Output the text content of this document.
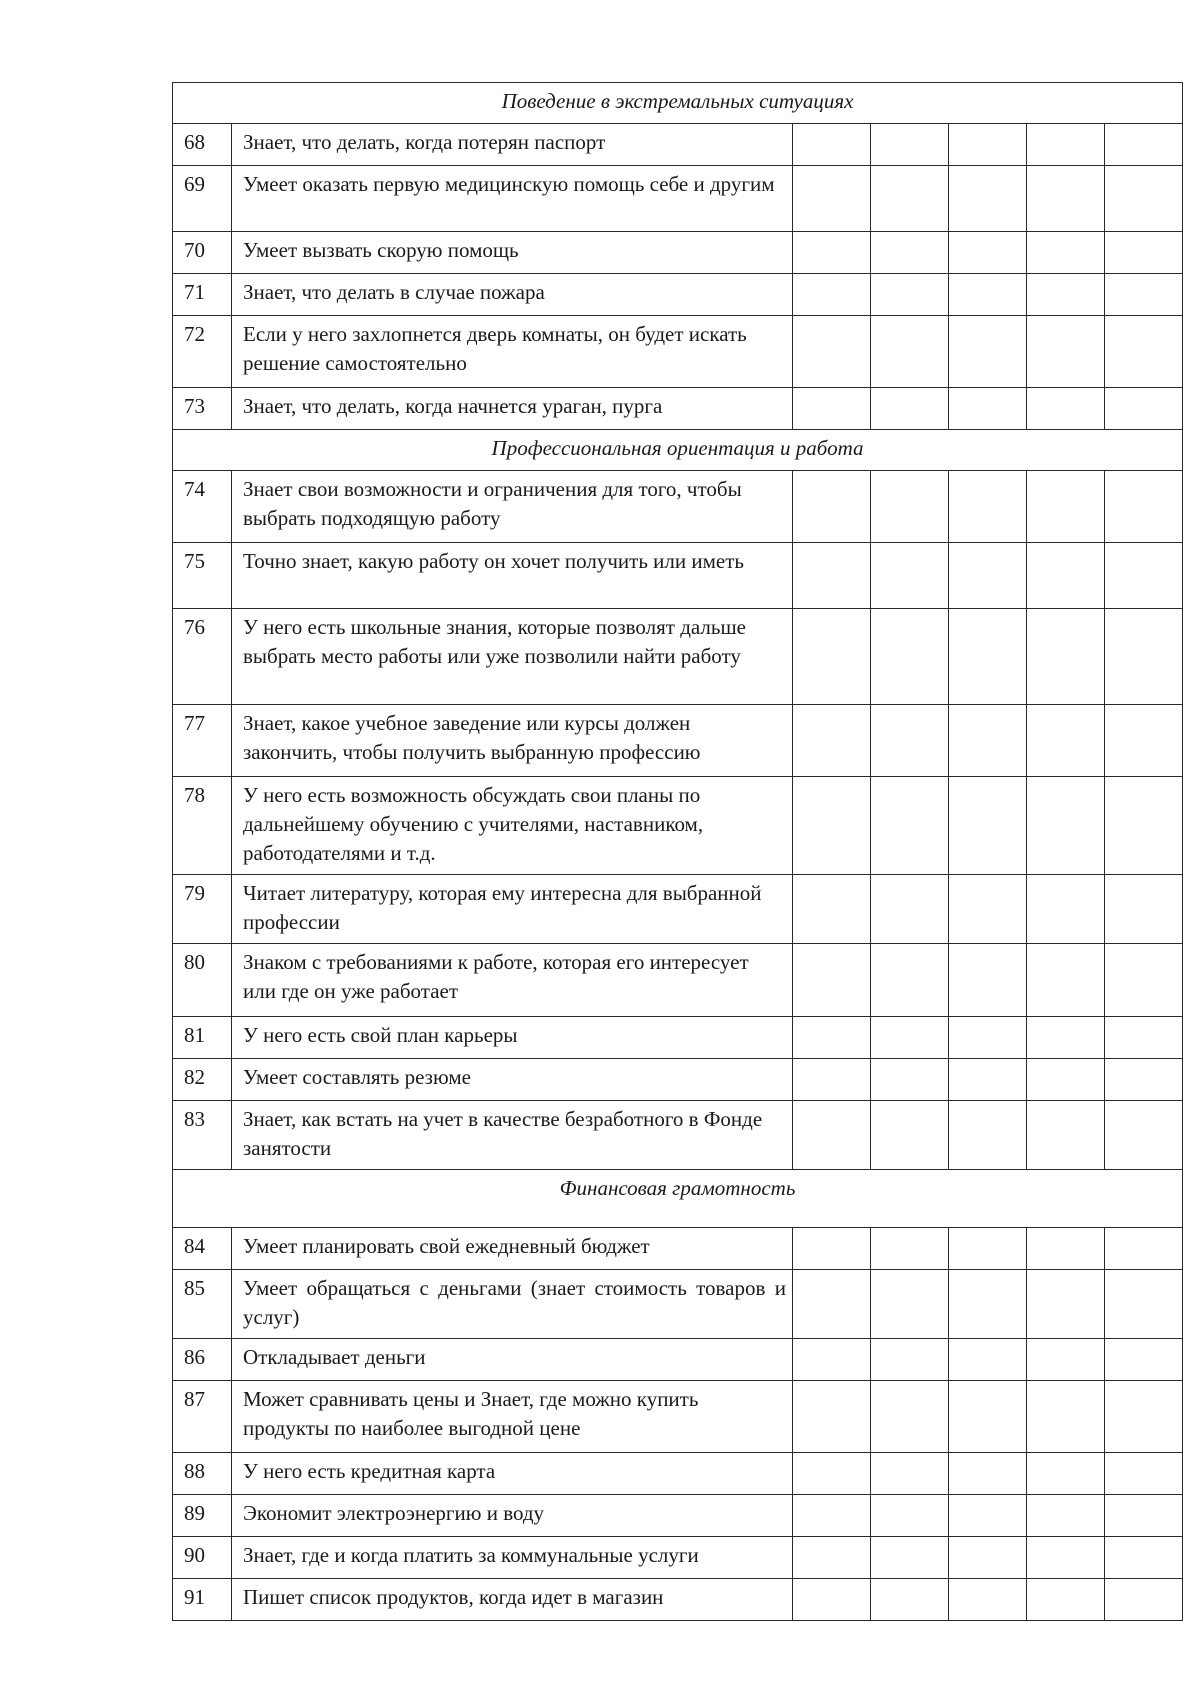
Поведение в экстремальных ситуациях						
68	Знает, что делать, когда потерян паспорт					
69	Умеет оказать первую медицинскую помощь себе и другим					
70	Умеет вызвать скорую помощь					
71	Знает, что делать в случае пожара					
72	Если у него захлопнется дверь комнаты, он будет искать решение самостоятельно					
73	Знает, что делать, когда начнется ураган, пурга					
Профессиональная ориентация и работа						
74	Знает свои возможности и ограничения для того, чтобы выбрать подходящую работу					
75	Точно знает, какую работу он хочет получить или иметь					
76	У него есть школьные знания, которые позволят дальше выбрать место работы или уже позволили найти работу					
77	Знает, какое учебное заведение или курсы должен закончить, чтобы получить выбранную профессию					
78	У него есть возможность обсуждать свои планы по дальнейшему обучению с учителями, наставником, работодателями и т.д.					
79	Читает литературу, которая ему интересна для выбранной профессии					
80	Знаком с требованиями к работе, которая его интересует или где он уже работает					
81	У него есть свой план карьеры					
82	Умеет составлять резюме					
83	Знает, как встать на учет в качестве безработного в Фонде занятости					
Финансовая грамотность						
84	Умеет планировать свой ежедневный бюджет					
85	Умеет обращаться с деньгами (знает стоимость товаров и услуг)					
86	Откладывает деньги					
87	Может сравнивать цены и Знает, где можно купить продукты по наиболее выгодной цене					
88	У него есть кредитная карта					
89	Экономит электроэнергию и воду					
90	Знает, где и когда платить за коммунальные услуги					
91	Пишет список продуктов, когда идет в магазин					
